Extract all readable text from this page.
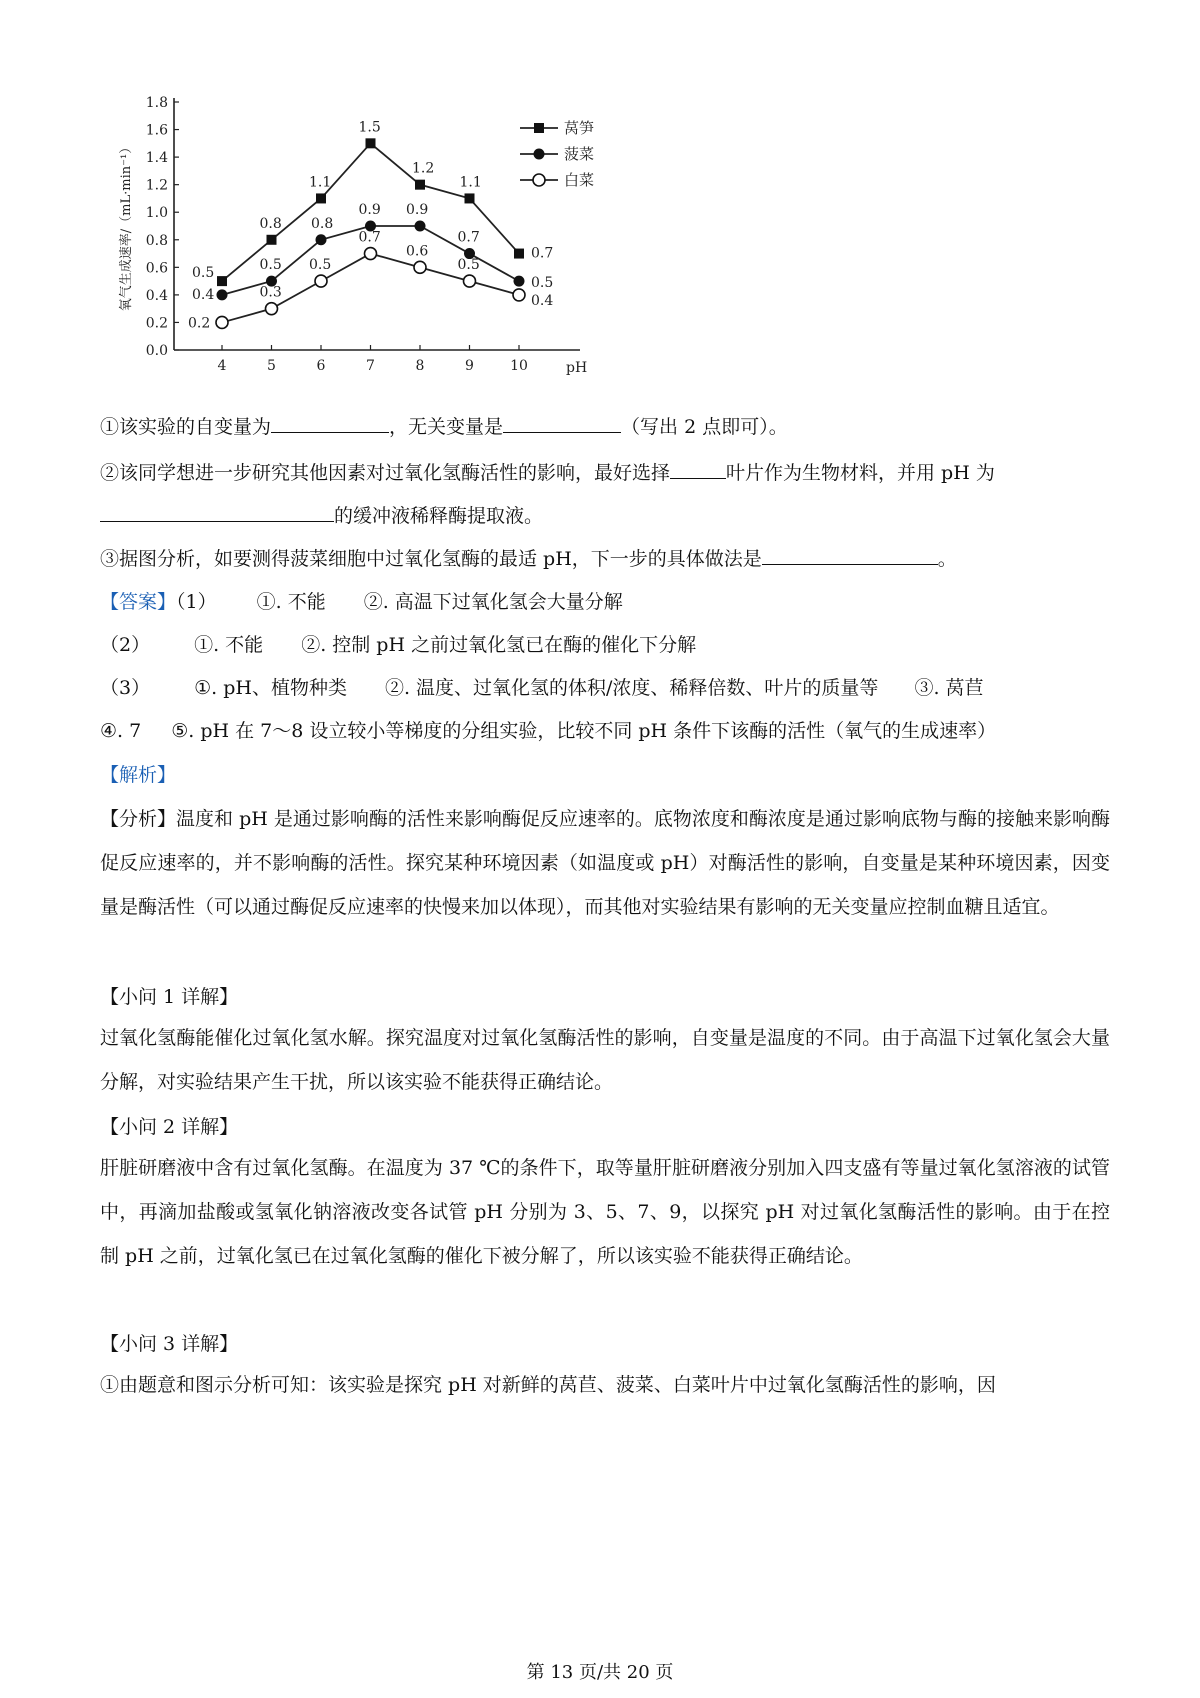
0.0
0.2
0.4
0.6
0.8
1.0
1.2
1.4
1.6
1.8
4	5	6	7	8	9	10	pH
氧气生成速率/（mL·min⁻¹）	0.5
0.8
1.1
1.5
1.2
1.1
0.7
莴笋
0.4
0.5
0.8
0.9 0.9
0.7
0.5
菠菜
0.2
0.3
0.5
0.7
0.6
0.5
0.4
白菜
①该实验的自变量为	，无关变量是	（写出 2 点即可）。
②该同学想进一步研究其他因素对过氧化氢酶活性的影响，最好选择	叶片作为生物材料，并用 pH 为
的缓冲液稀释酶提取液。
③据图分析，如要测得菠菜细胞中过氧化氢酶的最适 pH，下一步的具体做法是	。
【答案】（1） ①. 不能 ②. 高温下过氧化氢会大量分解
（2） ①. 不能 ②. 控制 pH 之前过氧化氢已在酶的催化下分解
（3） ①. pH、植物种类 ②. 温度、过氧化氢的体积/浓度、稀释倍数、叶片的质量等 ③. 莴苣
④. 7 ⑤. pH 在 7～8 设立较小等梯度的分组实验，比较不同 pH 条件下该酶的活性（氧气的生成速率）
【解析】
【分析】温度和 pH 是通过影响酶的活性来影响酶促反应速率的。底物浓度和酶浓度是通过影响底物与酶的接触来影响酶促反应速率的，并不影响酶的活性。探究某种环境因素（如温度或 pH）对酶活性的影响，自变量是某种环境因素，因变量是酶活性（可以通过酶促反应速率的快慢来加以体现），而其他对实验结果有影响的无关变量应控制血糖且适宜。
【小问 1 详解】
过氧化氢酶能催化过氧化氢水解。探究温度对过氧化氢酶活性的影响，自变量是温度的不同。由于高温下过氧化氢会大量分解，对实验结果产生干扰，所以该实验不能获得正确结论。
【小问 2 详解】
肝脏研磨液中含有过氧化氢酶。在温度为 37 ℃的条件下，取等量肝脏研磨液分别加入四支盛有等量过氧化氢溶液的试管中，再滴加盐酸或氢氧化钠溶液改变各试管 pH 分别为 3、5、7、9，以探究 pH 对过氧化氢酶活性的影响。由于在控制 pH 之前，过氧化氢已在过氧化氢酶的催化下被分解了，所以该实验不能获得正确结论。
【小问 3 详解】
①由题意和图示分析可知：该实验是探究 pH 对新鲜的莴苣、菠菜、白菜叶片中过氧化氢酶活性的影响，因
第 13 页/共 20 页
